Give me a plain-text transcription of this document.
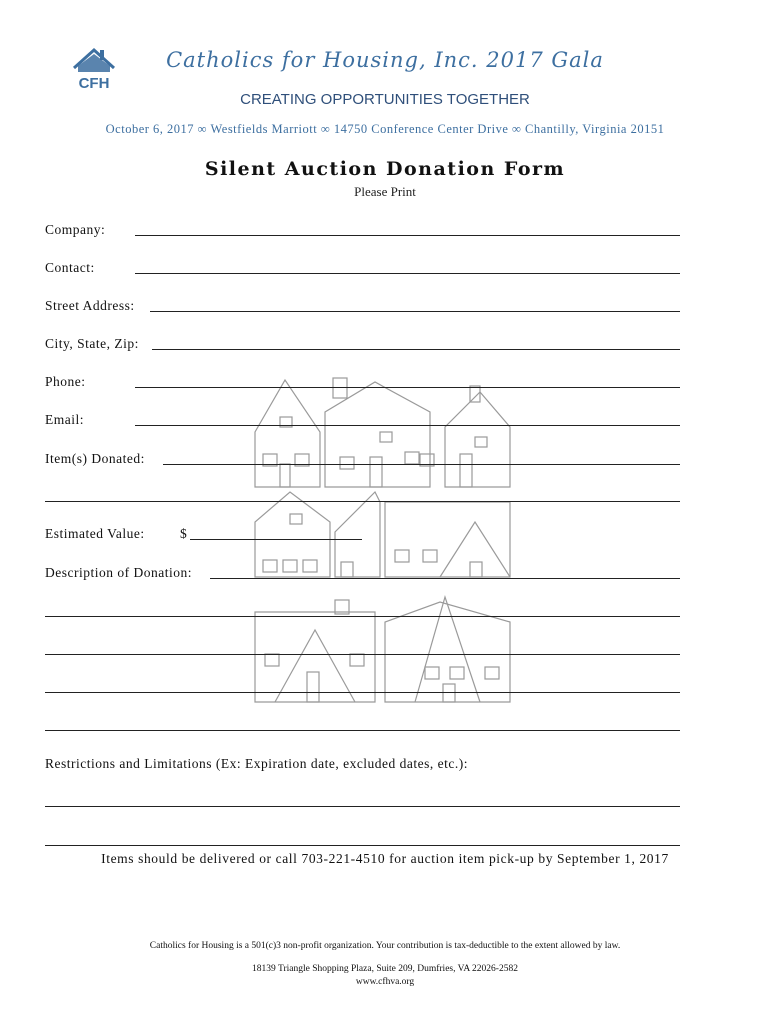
CFH
Catholics for Housing, Inc. 2017 Gala
CREATING OPPORTUNITIES TOGETHER
October 6, 2017 ∞ Westfields Marriott ∞ 14750 Conference Center Drive ∞ Chantilly, Virginia 20151
Silent Auction Donation Form
Please Print
Company:
Contact:
Street Address:
City, State, Zip:
Phone:
Email:
Item(s) Donated:
Estimated Value:	$
Description of Donation:
Restrictions and Limitations (Ex: Expiration date, excluded dates, etc.):
Items should be delivered or call 703-221-4510 for auction item pick-up by September 1, 2017
Catholics for Housing is a 501(c)3 non-profit organization. Your contribution is tax-deductible to the extent allowed by law.
18139 Triangle Shopping Plaza, Suite 209, Dumfries, VA 22026-2582
www.cfhva.org
